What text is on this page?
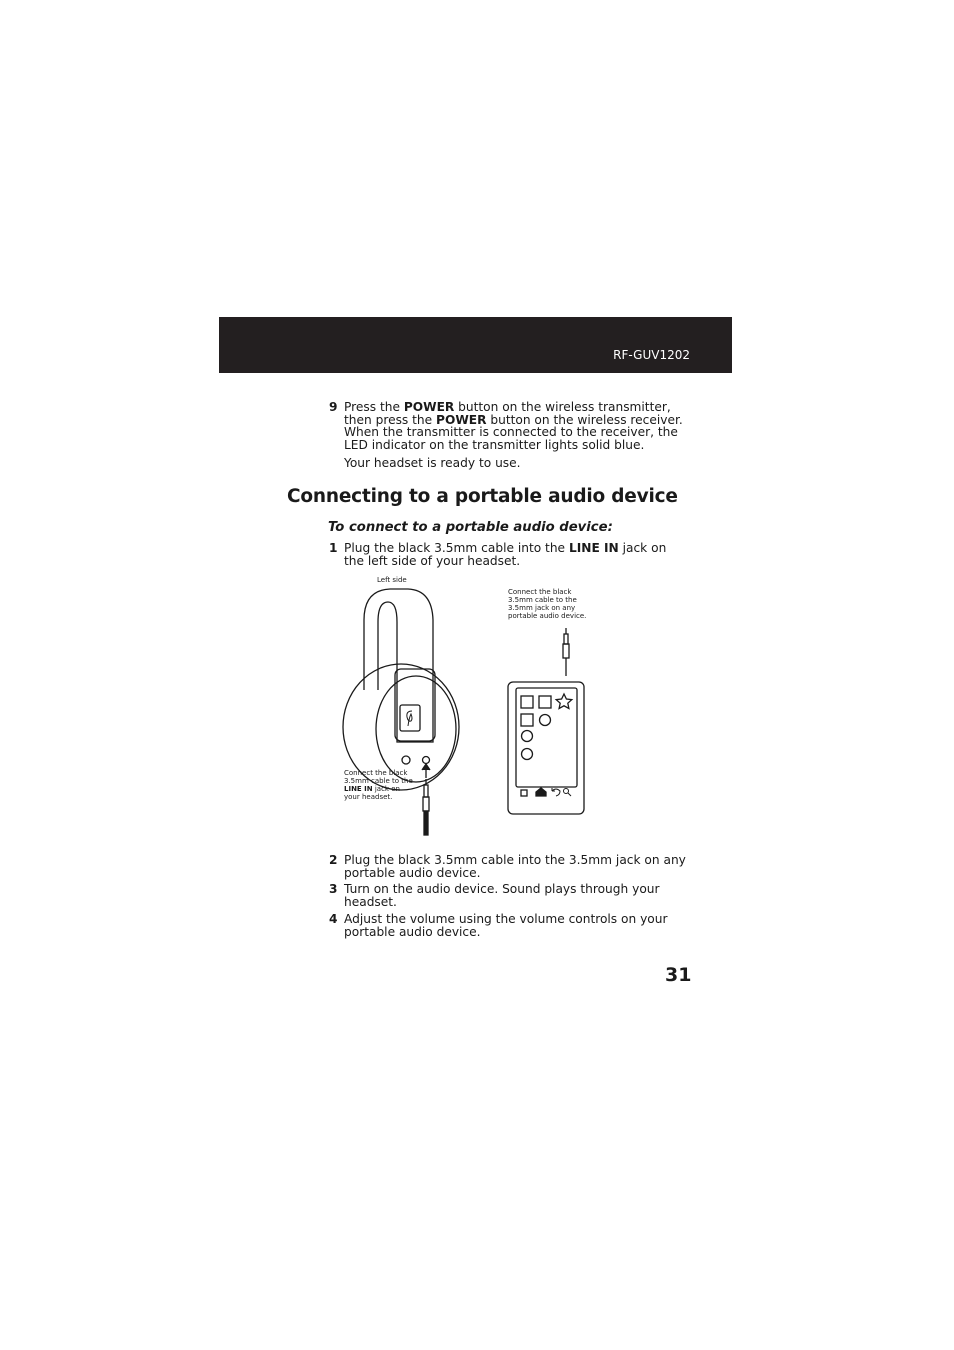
RF-GUV1202
9 Press the POWER button on the wireless transmitter, then press the POWER button on the wireless receiver. When the transmitter is connected to the receiver, the LED indicator on the transmitter lights solid blue.
Your headset is ready to use.
Connecting to a portable audio device
To connect to a portable audio device:
1 Plug the black 3.5mm cable into the LINE IN jack on the left side of your headset.
Left side
Connect the black
3.5mm cable to the
3.5mm jack on any
portable audio device.
Connect the black
3.5mm cable to the
LINE IN jack on
your headset.
2 Plug the black 3.5mm cable into the 3.5mm jack on any portable audio device.
3 Turn on the audio device. Sound plays through your headset.
4 Adjust the volume using the volume controls on your portable audio device.
31
